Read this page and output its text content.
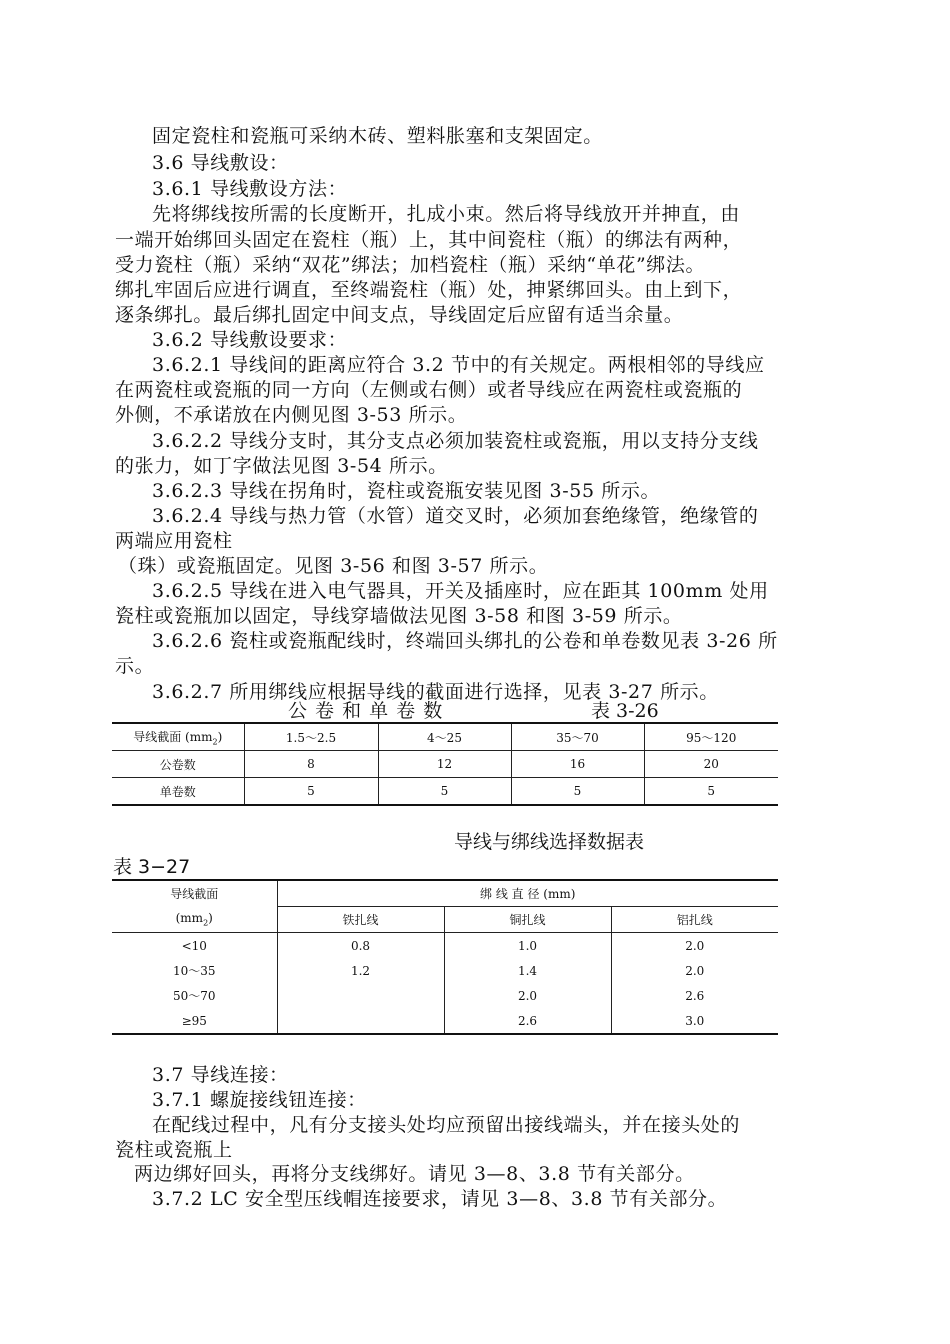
固定瓷柱和瓷瓶可采纳木砖、塑料胀塞和支架固定。
3.6 导线敷设：
3.6.1 导线敷设方法：
先将绑线按所需的长度断开，扎成小束。然后将导线放开并抻直，由
一端开始绑回头固定在瓷柱（瓶）上，其中间瓷柱（瓶）的绑法有两种，
受力瓷柱（瓶）采纳“双花”绑法；加档瓷柱（瓶）采纳“单花”绑法。
绑扎牢固后应进行调直，至终端瓷柱（瓶）处，抻紧绑回头。由上到下，
逐条绑扎。最后绑扎固定中间支点，导线固定后应留有适当余量。
3.6.2 导线敷设要求：
3.6.2.1 导线间的距离应符合 3.2 节中的有关规定。两根相邻的导线应
在两瓷柱或瓷瓶的同一方向（左侧或右侧）或者导线应在两瓷柱或瓷瓶的
外侧，不承诺放在内侧见图 3-53 所示。
3.6.2.2 导线分支时，其分支点必须加装瓷柱或瓷瓶，用以支持分支线
的张力，如丁字做法见图 3-54 所示。
3.6.2.3 导线在拐角时，瓷柱或瓷瓶安装见图 3-55 所示。
3.6.2.4 导线与热力管（水管）道交叉时，必须加套绝缘管，绝缘管的
两端应用瓷柱
（珠）或瓷瓶固定。见图 3-56 和图 3-57 所示。
3.6.2.5 导线在进入电气器具，开关及插座时，应在距其 100mm 处用
瓷柱或瓷瓶加以固定，导线穿墙做法见图 3-58 和图 3-59 所示。
3.6.2.6 瓷柱或瓷瓶配线时，终端回头绑扎的公卷和单卷数见表 3-26 所
示。
3.6.2.7 所用绑线应根据导线的截面进行选择，见表 3-27 所示。
公 卷 和 单 卷 数	表 3-26
导线截面 $(mm_2)$	1.5～2.5	4～25	35～70	95～120
公卷数	8	12	16	20
单卷数	5	5	5	5
导线与绑线选择数据表
表 3−27
导线截面	绑 线 直 径 (mm)		
$(mm_2)$	铁扎线	铜扎线	铝扎线
<10	0.8	1.0	2.0
10～35	1.2	1.4	2.0
50～70		2.0	2.6
≥95		2.6	3.0
3.7 导线连接：
3.7.1 螺旋接线钮连接：
在配线过程中，凡有分支接头处均应预留出接线端头，并在接头处的
瓷柱或瓷瓶上
两边绑好回头，再将分支线绑好。请见 3—8、3.8 节有关部分。
3.7.2 LC 安全型压线帽连接要求，请见 3—8、3.8 节有关部分。
